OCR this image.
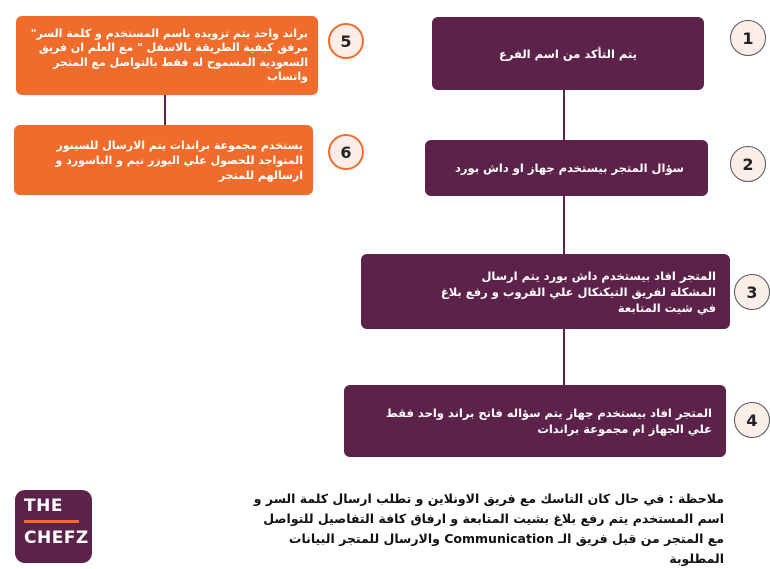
يتم التأكد من اسم الفرع
1
سؤال المتجر بيستخدم جهاز او داش بورد	2
المتجر افاد بيستخدم داش بورد يتم ارسال المشكلة لفريق التيكنكال علي القروب و رفع بلاغ في شيت المتابعة
3
المتجر افاد بيستخدم جهاز يتم سؤاله فاتح براند واحد فقط علي الجهاز ام مجموعة براندات	4
براند واحد يتم تزويده باسم المستخدم و كلمة السر" مرفق كيفية الطريقة بالاسفل " مع العلم ان فريق السعودية المسموح له فقط بالتواصل مع المتجر واتساب
5
يستخدم مجموعة براندات يتم الارسال للسينور المتواجد للحصول علي اليوزر نيم و الباسورد و ارسالهم للمتجر
6
ملاحظة : في حال كان التاسك مع فريق الاونلاين و تطلب ارسال كلمة السر و اسم المستخدم يتم رفع بلاغ بشيت المتابعة و ارفاق كافة التفاصيل للتواصل مع المتجر من قبل فريق الـ Communication والارسال للمتجر البيانات المطلوبة
THE
CHEFZ
